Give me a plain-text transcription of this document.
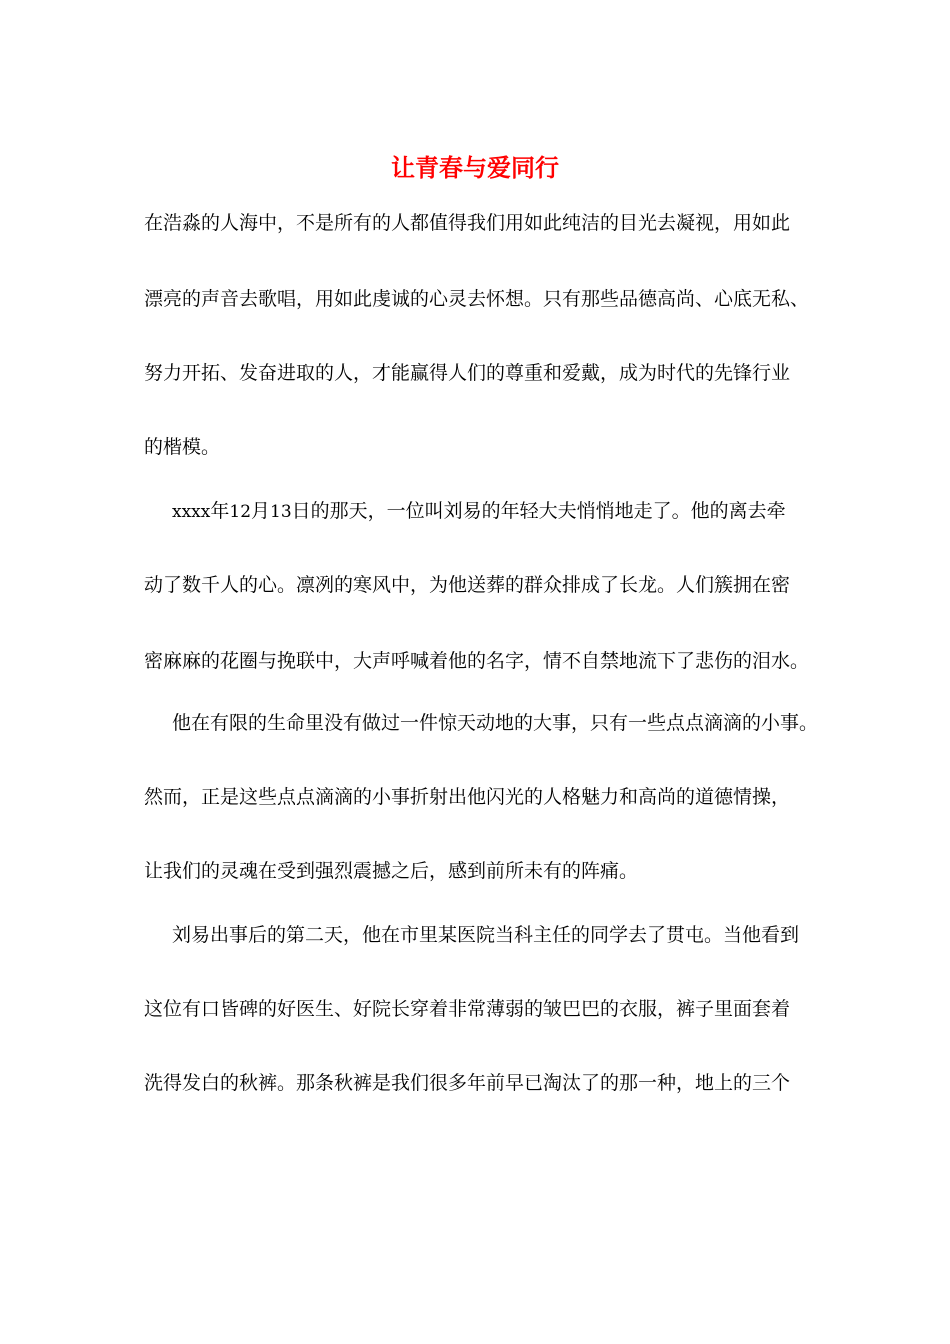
让青春与爱同行

在浩淼的人海中，不是所有的人都值得我们用如此纯洁的目光去凝视，用如此

漂亮的声音去歌唱，用如此虔诚的心灵去怀想。只有那些品德高尚、心底无私、

努力开拓、发奋进取的人，才能赢得人们的尊重和爱戴，成为时代的先锋行业

的楷模。

xxxx年12月13日的那天，一位叫刘易的年轻大夫悄悄地走了。他的离去牵

动了数千人的心。凛冽的寒风中，为他送葬的群众排成了长龙。人们簇拥在密

密麻麻的花圈与挽联中，大声呼喊着他的名字，情不自禁地流下了悲伤的泪水。

他在有限的生命里没有做过一件惊天动地的大事，只有一些点点滴滴的小事。

然而，正是这些点点滴滴的小事折射出他闪光的人格魅力和高尚的道德情操，

让我们的灵魂在受到强烈震撼之后，感到前所未有的阵痛。

刘易出事后的第二天，他在市里某医院当科主任的同学去了贯屯。当他看到

这位有口皆碑的好医生、好院长穿着非常薄弱的皱巴巴的衣服，裤子里面套着

洗得发白的秋裤。那条秋裤是我们很多年前早已淘汰了的那一种，地上的三个
